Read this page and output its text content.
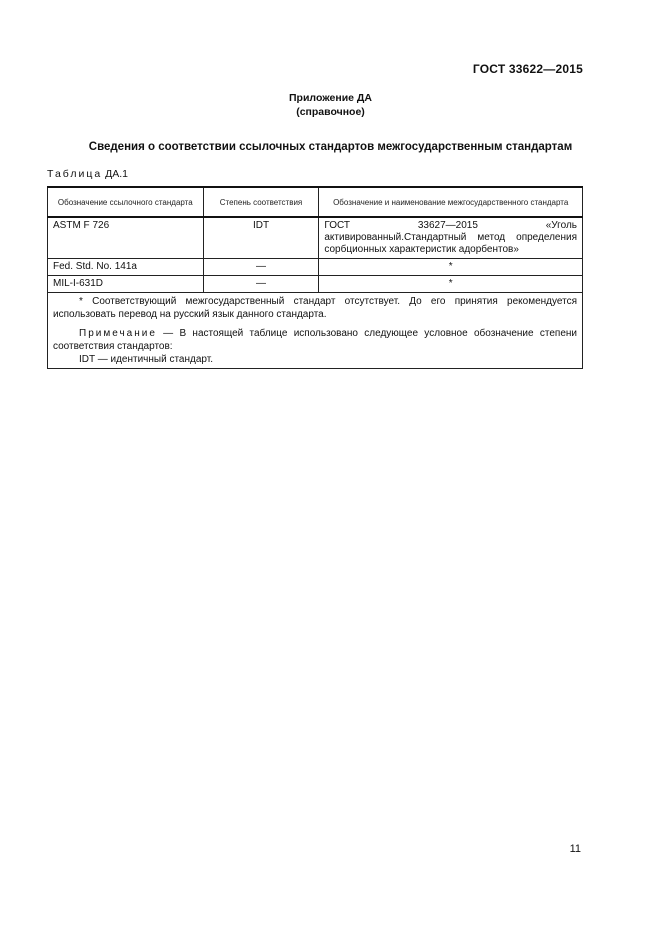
ГОСТ 33622—2015
Приложение ДА
(справочное)
Сведения о соответствии ссылочных стандартов межгосударственным стандартам
Таблица ДА.1
Обозначение ссылочного стандарта	Степень соответствия	Обозначение и наименование межгосударственного стандарта
ASTM F 726	IDT	ГОСТ 33627—2015 «Уголь активированный.Стандартный метод определения сорбционных характеристик адорбентов»
Fed. Std. No. 141a	—	*
MIL-I-631D	—	*

* Соответствующий межгосударственный стандарт отсутствует. До его принятия рекомендуется использовать перевод на русский язык данного стандарта.

Примечание — В настоящей таблице использовано следующее условное обозначение степени соответствия стандартов:

IDT — идентичный стандарт.		

11
